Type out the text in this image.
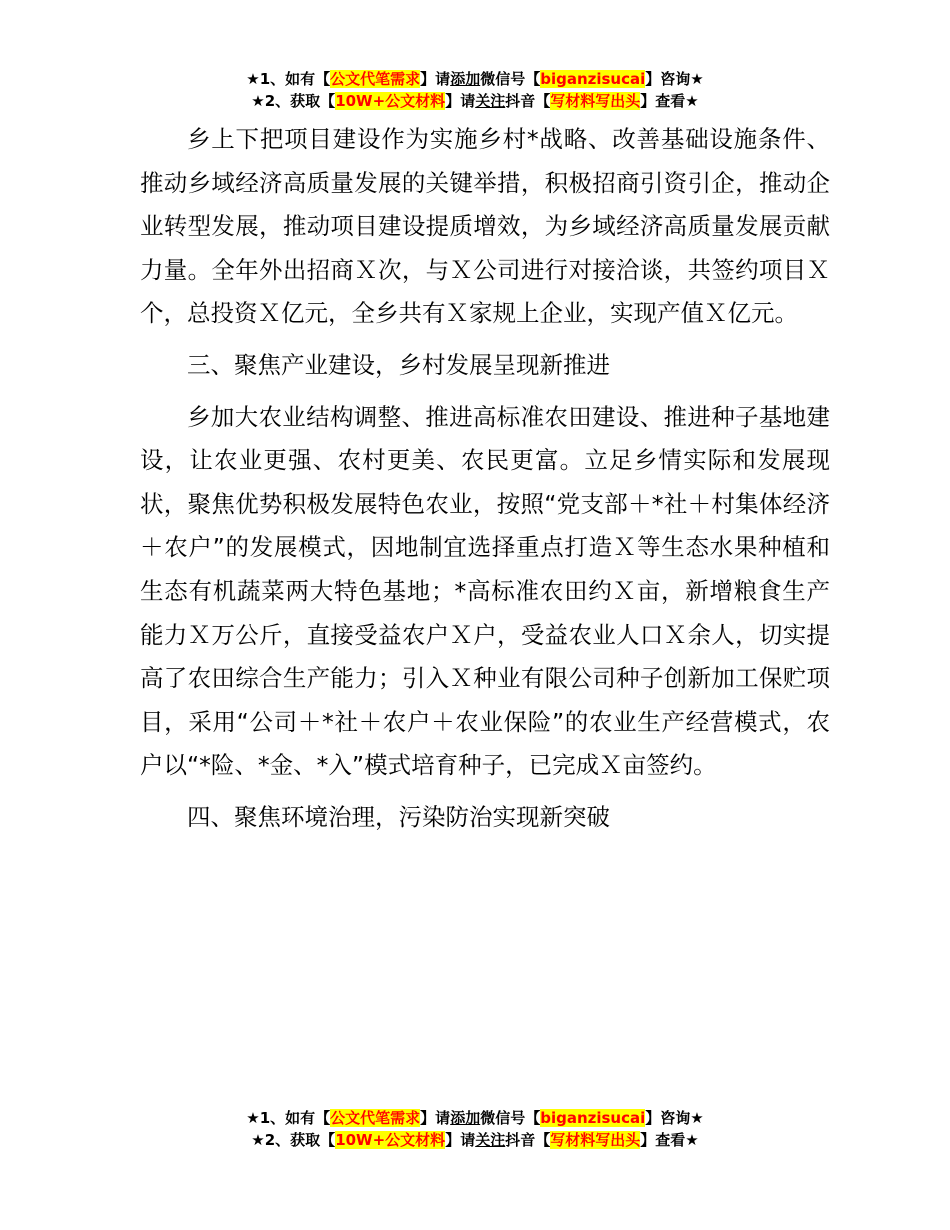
★1、如有【公文代笔需求】请添加微信号【biganzisucai】咨询★
★2、获取【10W+公文材料】请关注抖音【写材料写出头】查看★

乡上下把项目建设作为实施乡村*战略、改善基础设施条件、推动乡域经济高质量发展的关键举措，积极招商引资引企，推动企业转型发展，推动项目建设提质增效，为乡域经济高质量发展贡献力量。全年外出招商Ｘ次，与Ｘ公司进行对接洽谈，共签约项目Ｘ个，总投资Ｘ亿元，全乡共有Ｘ家规上企业，实现产值Ｘ亿元。

三、聚焦产业建设，乡村发展呈现新推进

乡加大农业结构调整、推进高标准农田建设、推进种子基地建设，让农业更强、农村更美、农民更富。立足乡情实际和发展现状，聚焦优势积极发展特色农业，按照“党支部＋*社＋村集体经济＋农户”的发展模式，因地制宜选择重点打造Ｘ等生态水果种植和生态有机蔬菜两大特色基地；*高标准农田约Ｘ亩，新增粮食生产能力Ｘ万公斤，直接受益农户Ｘ户，受益农业人口Ｘ余人，切实提高了农田综合生产能力；引入Ｘ种业有限公司种子创新加工保贮项目，采用“公司＋*社＋农户＋农业保险”的农业生产经营模式，农户以“*险、*金、*入”模式培育种子，已完成Ｘ亩签约。

四、聚焦环境治理，污染防治实现新突破

★1、如有【公文代笔需求】请添加微信号【biganzisucai】咨询★
★2、获取【10W+公文材料】请关注抖音【写材料写出头】查看★
